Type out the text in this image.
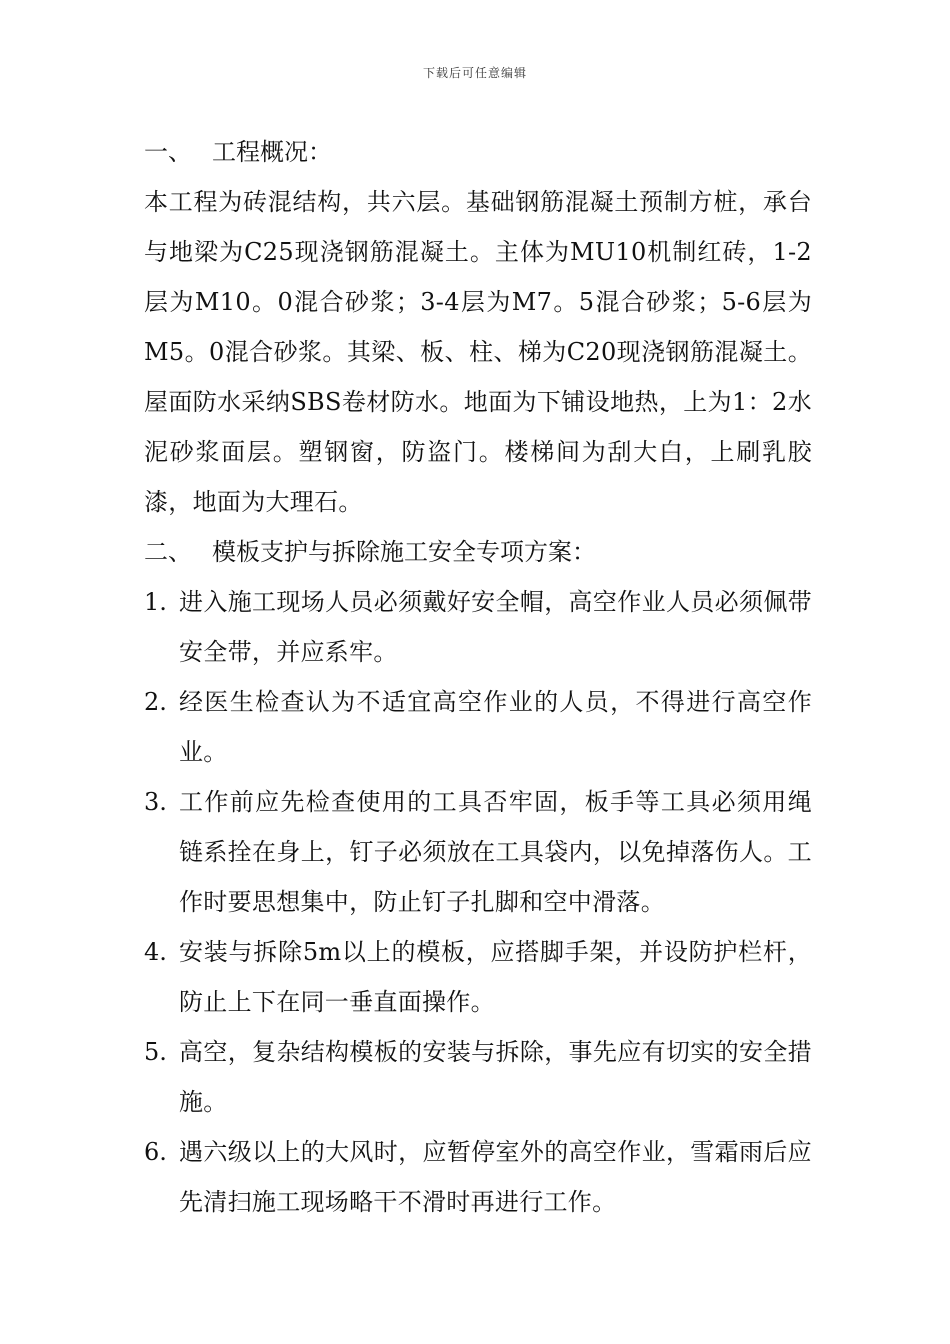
下载后可任意编辑
一、 工程概况：

本工程为砖混结构，共六层。基础钢筋混凝土预制方桩，承台与地梁为C25现浇钢筋混凝土。主体为MU10机制红砖，1-2层为M10。0混合砂浆；3-4层为M7。5混合砂浆；5-6层为M5。0混合砂浆。其梁、板、柱、梯为C20现浇钢筋混凝土。屋面防水采纳SBS卷材防水。地面为下铺设地热，上为1：2水泥砂浆面层。塑钢窗，防盗门。楼梯间为刮大白，上刷乳胶漆，地面为大理石。

二、 模板支护与拆除施工安全专项方案：
1. 进入施工现场人员必须戴好安全帽，高空作业人员必须佩带安全带，并应系牢。
2. 经医生检查认为不适宜高空作业的人员，不得进行高空作业。
3. 工作前应先检查使用的工具否牢固，板手等工具必须用绳 链系拴在身上，钉子必须放在工具袋内，以免掉落伤人。工作时要思想集中，防止钉子扎脚和空中滑落。
4. 安装与拆除5m以上的模板，应搭脚手架，并设防护栏杆，防止上下在同一垂直面操作。
5. 高空，复杂结构模板的安装与拆除，事先应有切实的安全措施。
6. 遇六级以上的大风时，应暂停室外的高空作业，雪霜雨后应先清扫施工现场略干不滑时再进行工作。
